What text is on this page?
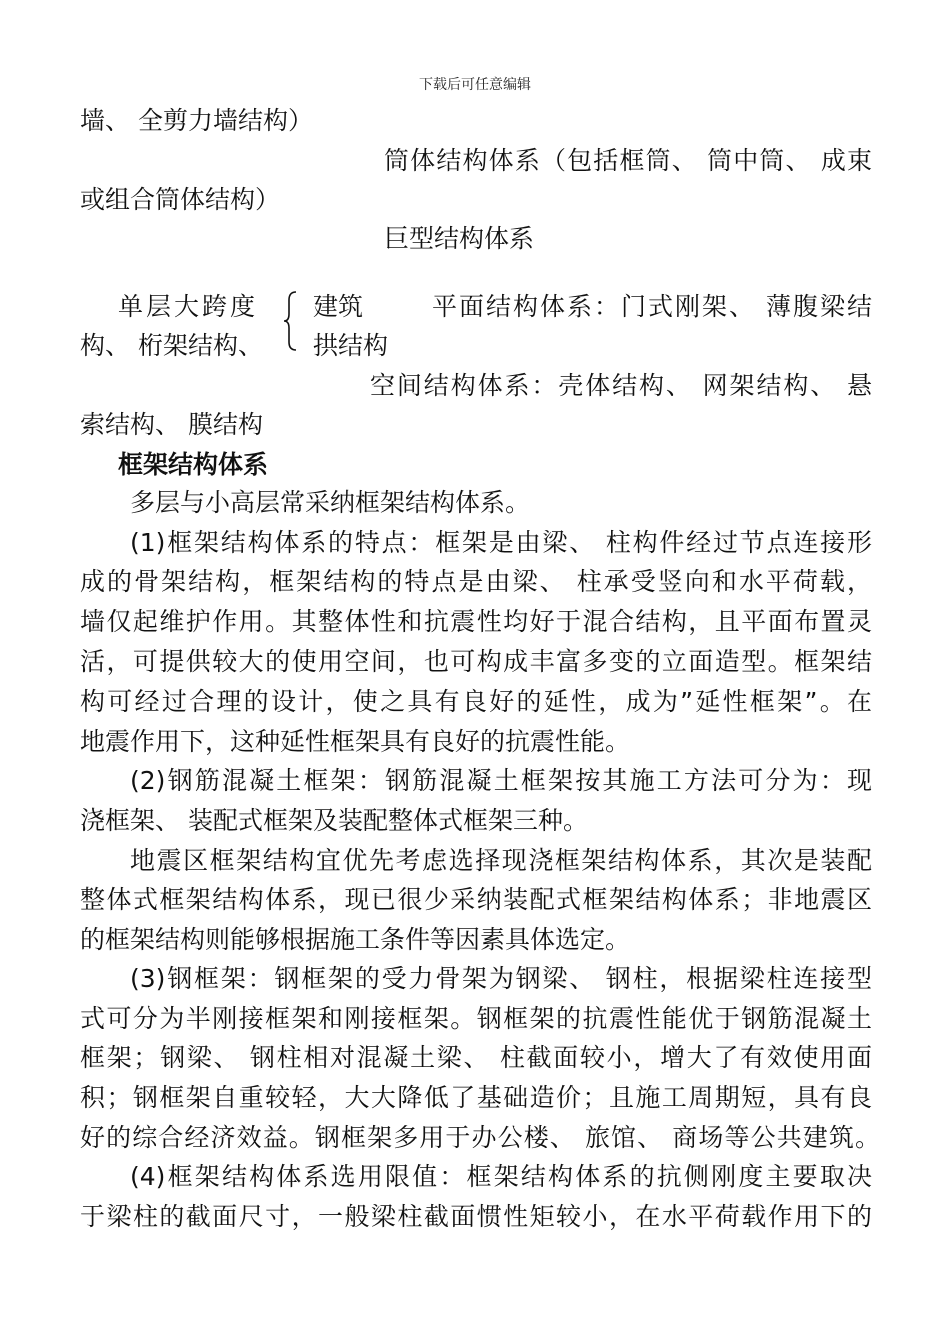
下载后可任意编辑
墙、 全剪力墙结构）
筒体结构体系（包括框筒、 筒中筒、 成束
或组合筒体结构）
巨型结构体系
单层大跨度 建筑	平面结构体系：门式刚架、 薄腹梁结
构、 桁架结构、 拱结构
空间结构体系：壳体结构、 网架结构、 悬
索结构、 膜结构
框架结构体系
多层与小高层常采纳框架结构体系。
(1)框架结构体系的特点：框架是由梁、 柱构件经过节点连接形
成的骨架结构，框架结构的特点是由梁、 柱承受竖向和水平荷载，
墙仅起维护作用。其整体性和抗震性均好于混合结构，且平面布置灵
活，可提供较大的使用空间，也可构成丰富多变的立面造型。框架结
构可经过合理的设计，使之具有良好的延性，成为”延性框架”。在
地震作用下，这种延性框架具有良好的抗震性能。
(2)钢筋混凝土框架：钢筋混凝土框架按其施工方法可分为：现
浇框架、 装配式框架及装配整体式框架三种。
地震区框架结构宜优先考虑选择现浇框架结构体系，其次是装配
整体式框架结构体系，现已很少采纳装配式框架结构体系；非地震区
的框架结构则能够根据施工条件等因素具体选定。
(3)钢框架：钢框架的受力骨架为钢梁、 钢柱，根据梁柱连接型
式可分为半刚接框架和刚接框架。钢框架的抗震性能优于钢筋混凝土
框架；钢梁、 钢柱相对混凝土梁、 柱截面较小，增大了有效使用面
积；钢框架自重较轻，大大降低了基础造价；且施工周期短，具有良
好的综合经济效益。钢框架多用于办公楼、 旅馆、 商场等公共建筑。
(4)框架结构体系选用限值：框架结构体系的抗侧刚度主要取决
于梁柱的截面尺寸，一般梁柱截面惯性矩较小，在水平荷载作用下的
